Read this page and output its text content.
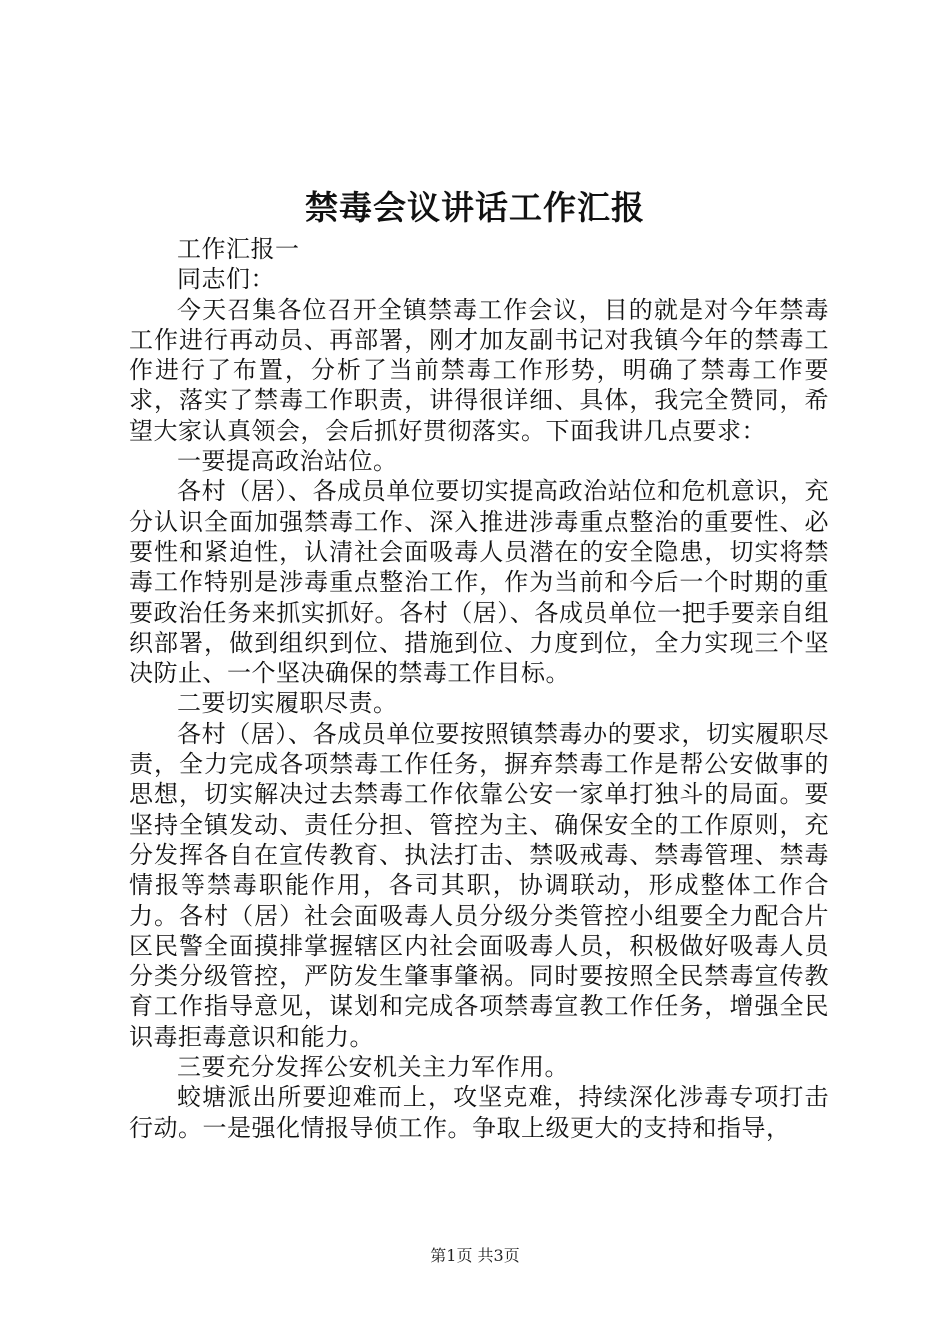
禁毒会议讲话工作汇报

工作汇报一

同志们：

今天召集各位召开全镇禁毒工作会议，目的就是对今年禁毒工作进行再动员、再部署，刚才加友副书记对我镇今年的禁毒工作进行了布置，分析了当前禁毒工作形势，明确了禁毒工作要求，落实了禁毒工作职责，讲得很详细、具体，我完全赞同，希望大家认真领会，会后抓好贯彻落实。下面我讲几点要求：

一要提高政治站位。

各村（居）、各成员单位要切实提高政治站位和危机意识，充分认识全面加强禁毒工作、深入推进涉毒重点整治的重要性、必要性和紧迫性，认清社会面吸毒人员潜在的安全隐患，切实将禁毒工作特别是涉毒重点整治工作，作为当前和今后一个时期的重要政治任务来抓实抓好。各村（居）、各成员单位一把手要亲自组织部署，做到组织到位、措施到位、力度到位，全力实现三个坚决防止、一个坚决确保的禁毒工作目标。

二要切实履职尽责。

各村（居）、各成员单位要按照镇禁毒办的要求，切实履职尽责，全力完成各项禁毒工作任务，摒弃禁毒工作是帮公安做事的思想，切实解决过去禁毒工作依靠公安一家单打独斗的局面。要坚持全镇发动、责任分担、管控为主、确保安全的工作原则，充分发挥各自在宣传教育、执法打击、禁吸戒毒、禁毒管理、禁毒情报等禁毒职能作用，各司其职，协调联动，形成整体工作合力。各村（居）社会面吸毒人员分级分类管控小组要全力配合片区民警全面摸排掌握辖区内社会面吸毒人员，积极做好吸毒人员分类分级管控，严防发生肇事肇祸。同时要按照全民禁毒宣传教育工作指导意见，谋划和完成各项禁毒宣教工作任务，增强全民识毒拒毒意识和能力。

三要充分发挥公安机关主力军作用。

蛟塘派出所要迎难而上，攻坚克难，持续深化涉毒专项打击行动。一是强化情报导侦工作。争取上级更大的支持和指导，

第1页 共3页
